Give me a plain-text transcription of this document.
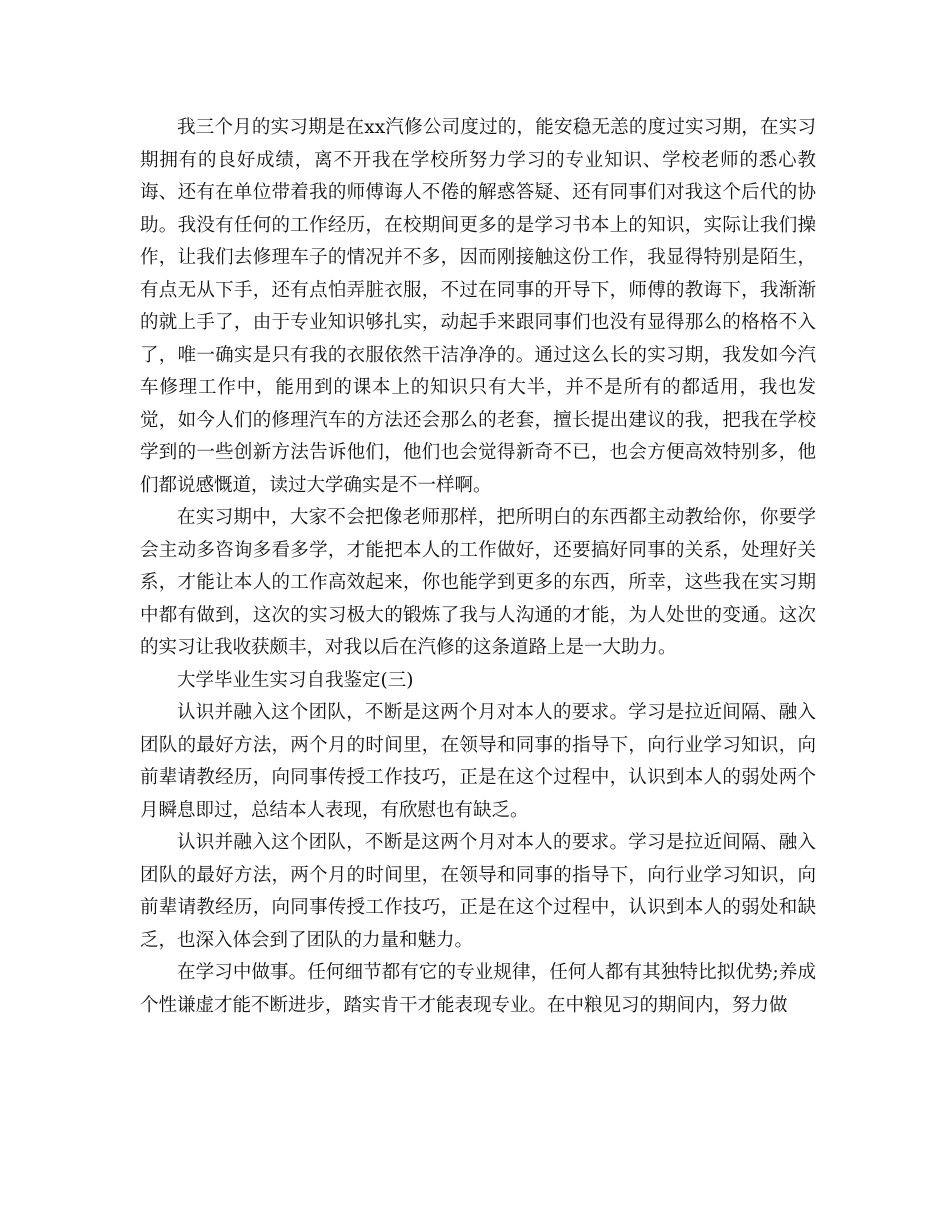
我三个月的实习期是在xx汽修公司度过的，能安稳无恙的度过实习期，在实习期拥有的良好成绩，离不开我在学校所努力学习的专业知识、学校老师的悉心教诲、还有在单位带着我的师傅诲人不倦的解惑答疑、还有同事们对我这个后代的协助。我没有任何的工作经历，在校期间更多的是学习书本上的知识，实际让我们操作，让我们去修理车子的情况并不多，因而刚接触这份工作，我显得特别是陌生，有点无从下手，还有点怕弄脏衣服，不过在同事的开导下，师傅的教诲下，我渐渐的就上手了，由于专业知识够扎实，动起手来跟同事们也没有显得那么的格格不入了，唯一确实是只有我的衣服依然干洁净净的。通过这么长的实习期，我发如今汽车修理工作中，能用到的课本上的知识只有大半，并不是所有的都适用，我也发觉，如今人们的修理汽车的方法还会那么的老套，擅长提出建议的我，把我在学校学到的一些创新方法告诉他们，他们也会觉得新奇不已，也会方便高效特别多，他们都说感慨道，读过大学确实是不一样啊。

在实习期中，大家不会把像老师那样，把所明白的东西都主动教给你，你要学会主动多咨询多看多学，才能把本人的工作做好，还要搞好同事的关系，处理好关系，才能让本人的工作高效起来，你也能学到更多的东西，所幸，这些我在实习期中都有做到，这次的实习极大的锻炼了我与人沟通的才能，为人处世的变通。这次的实习让我收获颇丰，对我以后在汽修的这条道路上是一大助力。

大学毕业生实习自我鉴定(三)

认识并融入这个团队，不断是这两个月对本人的要求。学习是拉近间隔、融入团队的最好方法，两个月的时间里，在领导和同事的指导下，向行业学习知识，向前辈请教经历，向同事传授工作技巧，正是在这个过程中，认识到本人的弱处两个月瞬息即过，总结本人表现，有欣慰也有缺乏。

认识并融入这个团队，不断是这两个月对本人的要求。学习是拉近间隔、融入团队的最好方法，两个月的时间里，在领导和同事的指导下，向行业学习知识，向前辈请教经历，向同事传授工作技巧，正是在这个过程中，认识到本人的弱处和缺乏，也深入体会到了团队的力量和魅力。

在学习中做事。任何细节都有它的专业规律，任何人都有其独特比拟优势;养成个性谦虚才能不断进步，踏实肯干才能表现专业。在中粮见习的期间内，努力做
